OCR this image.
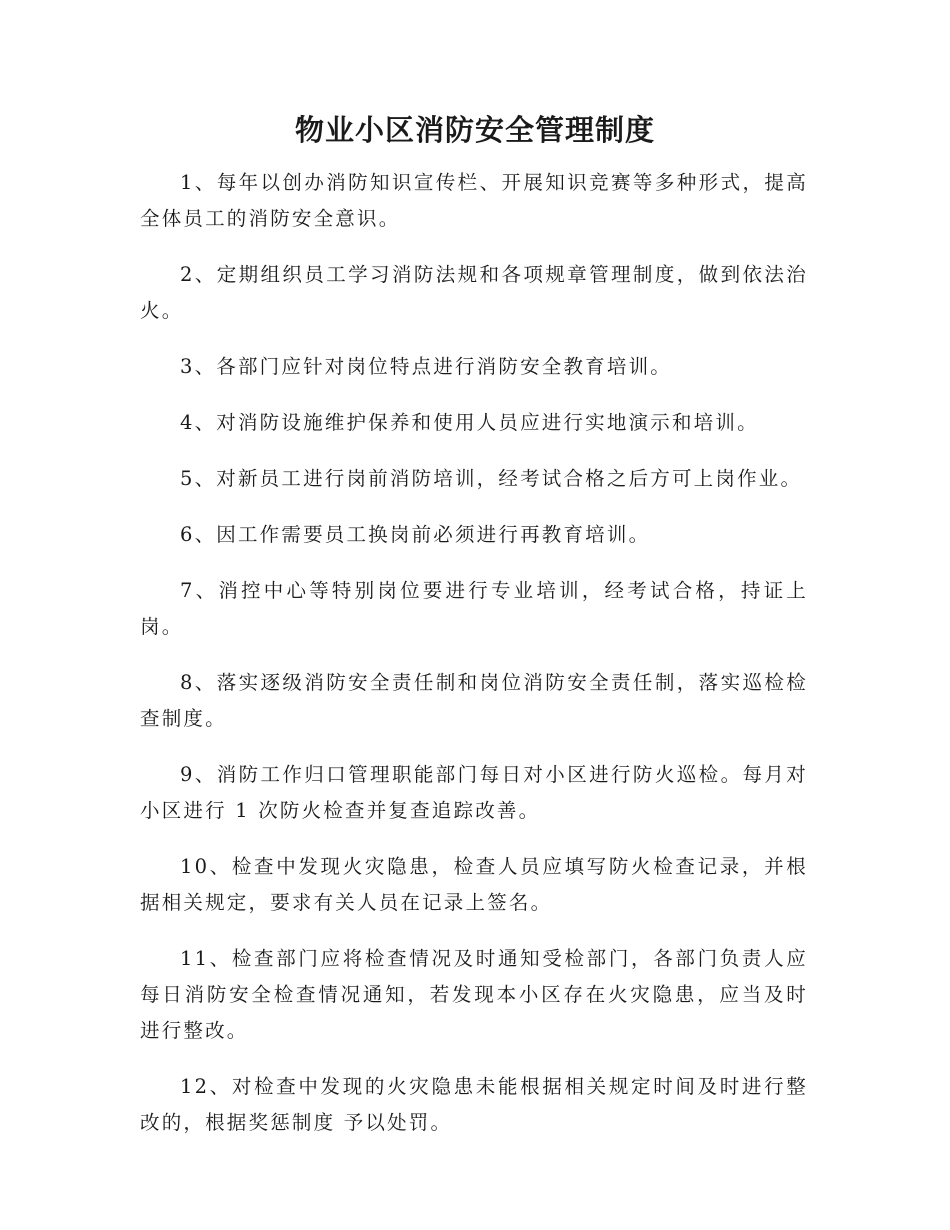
物业小区消防安全管理制度

1、每年以创办消防知识宣传栏、开展知识竞赛等多种形式，提高全体员工的消防安全意识。

2、定期组织员工学习消防法规和各项规章管理制度，做到依法治火。

3、各部门应针对岗位特点进行消防安全教育培训。

4、对消防设施维护保养和使用人员应进行实地演示和培训。

5、对新员工进行岗前消防培训，经考试合格之后方可上岗作业。

6、因工作需要员工换岗前必须进行再教育培训。

7、消控中心等特别岗位要进行专业培训，经考试合格，持证上岗。

8、落实逐级消防安全责任制和岗位消防安全责任制，落实巡检检查制度。

9、消防工作归口管理职能部门每日对小区进行防火巡检。每月对小区进行 1 次防火检查并复查追踪改善。

10、检查中发现火灾隐患，检查人员应填写防火检查记录，并根据相关规定，要求有关人员在记录上签名。

11、检查部门应将检查情况及时通知受检部门，各部门负责人应每日消防安全检查情况通知，若发现本小区存在火灾隐患，应当及时进行整改。

12、对检查中发现的火灾隐患未能根据相关规定时间及时进行整改的，根据奖惩制度 予以处罚。
